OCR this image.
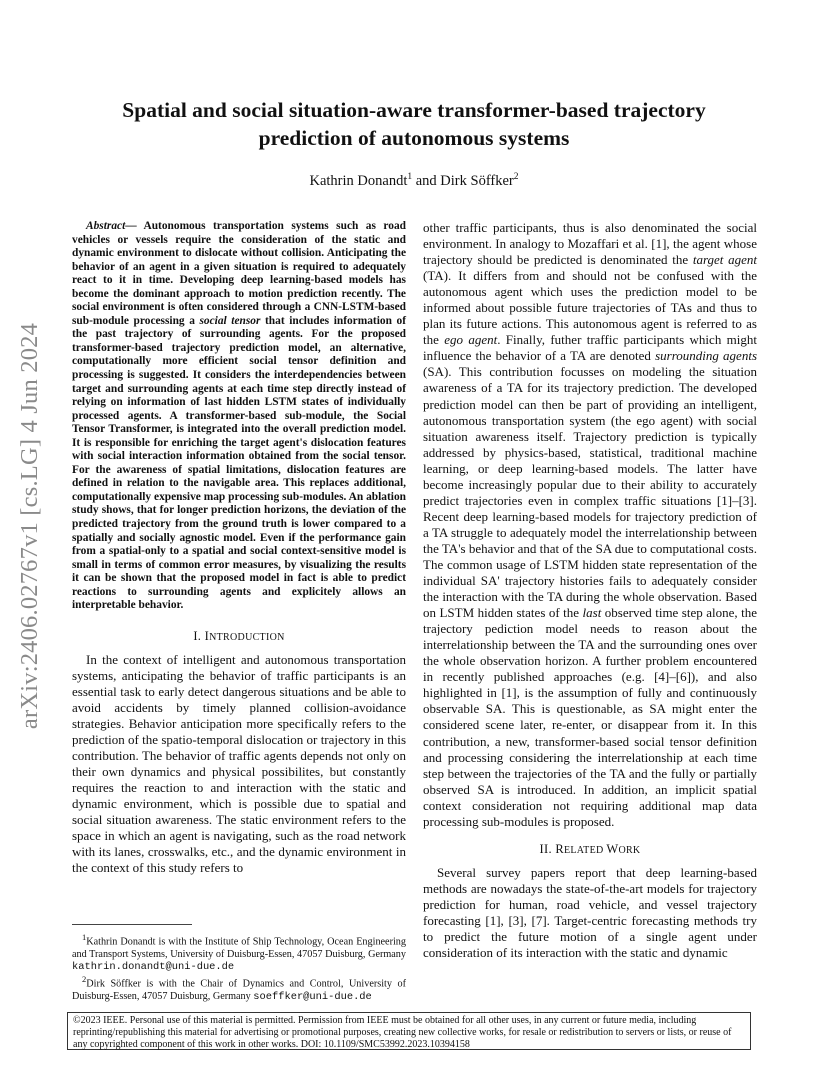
Spatial and social situation-aware transformer-based trajectory prediction of autonomous systems
Kathrin Donandt$^1$ and Dirk Söffker$^2$
arXiv:2406.02767v1 [cs.LG] 4 Jun 2024

Abstract— Autonomous transportation systems such as road vehicles or vessels require the consideration of the static and dynamic environment to dislocate without collision. Anticipating the behavior of an agent in a given situation is required to adequately react to it in time. Developing deep learning-based models has become the dominant approach to motion prediction recently. The social environment is often considered through a CNN-LSTM-based sub-module processing a social tensor that includes information of the past trajectory of surrounding agents. For the proposed transformer-based trajectory prediction model, an alternative, computationally more efficient social tensor definition and processing is suggested. It considers the interdependencies between target and surrounding agents at each time step directly instead of relying on information of last hidden LSTM states of individually processed agents. A transformer-based sub-module, the Social Tensor Transformer, is integrated into the overall prediction model. It is responsible for enriching the target agent's dislocation features with social interaction information obtained from the social tensor. For the awareness of spatial limitations, dislocation features are defined in relation to the navigable area. This replaces additional, computationally expensive map processing sub-modules. An ablation study shows, that for longer prediction horizons, the deviation of the predicted trajectory from the ground truth is lower compared to a spatially and socially agnostic model. Even if the performance gain from a spatial-only to a spatial and social context-sensitive model is small in terms of common error measures, by visualizing the results it can be shown that the proposed model in fact is able to predict reactions to surrounding agents and explicitely allows an interpretable behavior.

I. INTRODUCTION

In the context of intelligent and autonomous transportation systems, anticipating the behavior of traffic participants is an essential task to early detect dangerous situations and be able to avoid accidents by timely planned collision-avoidance strategies. Behavior anticipation more specifically refers to the prediction of the spatio-temporal dislocation or trajectory in this contribution. The behavior of traffic agents depends not only on their own dynamics and physical possibilites, but constantly requires the reaction to and interaction with the static and dynamic environment, which is possible due to spatial and social situation awareness. The static environment refers to the space in which an agent is navigating, such as the road network with its lanes, crosswalks, etc., and the dynamic environment in the context of this study refers to

other traffic participants, thus is also denominated the social environment. In analogy to Mozaffari et al. [1], the agent whose trajectory should be predicted is denominated the target agent (TA). It differs from and should not be confused with the autonomous agent which uses the prediction model to be informed about possible future trajectories of TAs and thus to plan its future actions. This autonomous agent is referred to as the ego agent. Finally, futher traffic participants which might influence the behavior of a TA are denoted surrounding agents (SA). This contribution focusses on modeling the situation awareness of a TA for its trajectory prediction. The developed prediction model can then be part of providing an intelligent, autonomous transportation system (the ego agent) with social situation awareness itself. Trajectory prediction is typically addressed by physics-based, statistical, traditional machine learning, or deep learning-based models. The latter have become increasingly popular due to their ability to accurately predict trajectories even in complex traffic situations [1]–[3]. Recent deep learning-based models for trajectory prediction of a TA struggle to adequately model the interrelationship between the TA's behavior and that of the SA due to computational costs. The common usage of LSTM hidden state representation of the individual SA' trajectory histories fails to adequately consider the interaction with the TA during the whole observation. Based on LSTM hidden states of the last observed time step alone, the trajectory pediction model needs to reason about the interrelationship between the TA and the surrounding ones over the whole observation horizon. A further problem encountered in recently published approaches (e.g. [4]–[6]), and also highlighted in [1], is the assumption of fully and continuously observable SA. This is questionable, as SA might enter the considered scene later, re-enter, or disappear from it. In this contribution, a new, transformer-based social tensor definition and processing considering the interrelationship at each time step between the trajectories of the TA and the fully or partially observed SA is introduced. In addition, an implicit spatial context consideration not requiring additional map data processing sub-modules is proposed.

II. RELATED WORK

Several survey papers report that deep learning-based methods are nowadays the state-of-the-art models for trajectory prediction for human, road vehicle, and vessel trajectory forecasting [1], [3], [7]. Target-centric forecasting methods try to predict the future motion of a single agent under consideration of its interaction with the static and dynamic

$^1$Kathrin Donandt is with the Institute of Ship Technology, Ocean Engineering and Transport Systems, University of Duisburg-Essen, 47057 Duisburg, Germany kathrin.donandt@uni-due.de

$^2$Dirk Söffker is with the Chair of Dynamics and Control, University of Duisburg-Essen, 47057 Duisburg, Germany soeffker@uni-due.de

©2023 IEEE. Personal use of this material is permitted. Permission from IEEE must be obtained for all other uses, in any current or future media, including reprinting/republishing this material for advertising or promotional purposes, creating new collective works, for resale or redistribution to servers or lists, or reuse of any copyrighted component of this work in other works. DOI: 10.1109/SMC53992.2023.10394158
